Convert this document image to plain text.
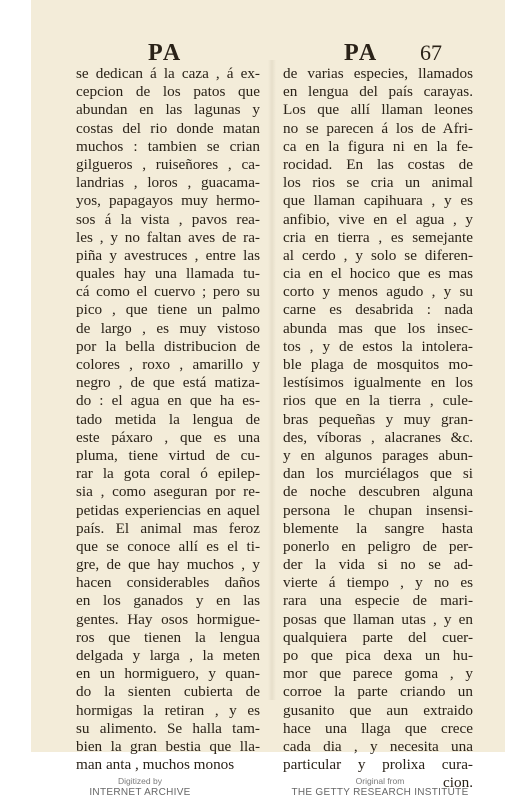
PA	PA 67
se dedican á la caza , á ex-
cepcion de los patos que
abundan en las lagunas y
costas del rio donde matan
muchos : tambien se crian
gilgueros , ruiseñores , ca-
landrias , loros , guacama-
yos, papagayos muy hermo-
sos á la vista , pavos rea-
les , y no faltan aves de ra-
piña y avestruces , entre las
quales hay una llamada tu-
cá como el cuervo ; pero su
pico , que tiene un palmo
de largo , es muy vistoso
por la bella distribucion de
colores , roxo , amarillo y
negro , de que está matiza-
do : el agua en que ha es-
tado metida la lengua de
este páxaro , que es una
pluma, tiene virtud de cu-
rar la gota coral ó epilep-
sia , como aseguran por re-
petidas experiencias en aquel
país. El animal mas feroz
que se conoce allí es el ti-
gre, de que hay muchos , y
hacen considerables daños
en los ganados y en las
gentes. Hay osos hormigue-
ros que tienen la lengua
delgada y larga , la meten
en un hormiguero, y quan-
do la sienten cubierta de
hormigas la retiran , y es
su alimento. Se halla tam-
bien la gran bestia que lla-
man anta , muchos monos
de varias especies, llamados
en lengua del país carayas.
Los que allí llaman leones
no se parecen á los de Afri-
ca en la figura ni en la fe-
rocidad. En las costas de
los rios se cria un animal
que llaman capihuara , y es
anfibio, vive en el agua , y
cria en tierra , es semejante
al cerdo , y solo se diferen-
cia en el hocico que es mas
corto y menos agudo , y su
carne es desabrida : nada
abunda mas que los insec-
tos , y de estos la intolera-
ble plaga de mosquitos mo-
lestísimos igualmente en los
rios que en la tierra , cule-
bras pequeñas y muy gran-
des, víboras , alacranes &c.
y en algunos parages abun-
dan los murciélagos que si
de noche descubren alguna
persona le chupan insensi-
blemente la sangre hasta
ponerlo en peligro de per-
der la vida si no se ad-
vierte á tiempo , y no es
rara una especie de mari-
posas que llaman utas , y en
qualquiera parte del cuer-
po que pica dexa un hu-
mor que parece goma , y
corroe la parte criando un
gusanito que aun extraido
hace una llaga que crece
cada dia , y necesita una
particular y prolixa cura-
cion.
Digitized by
INTERNET ARCHIVE
Original from
THE GETTY RESEARCH INSTITUTE
